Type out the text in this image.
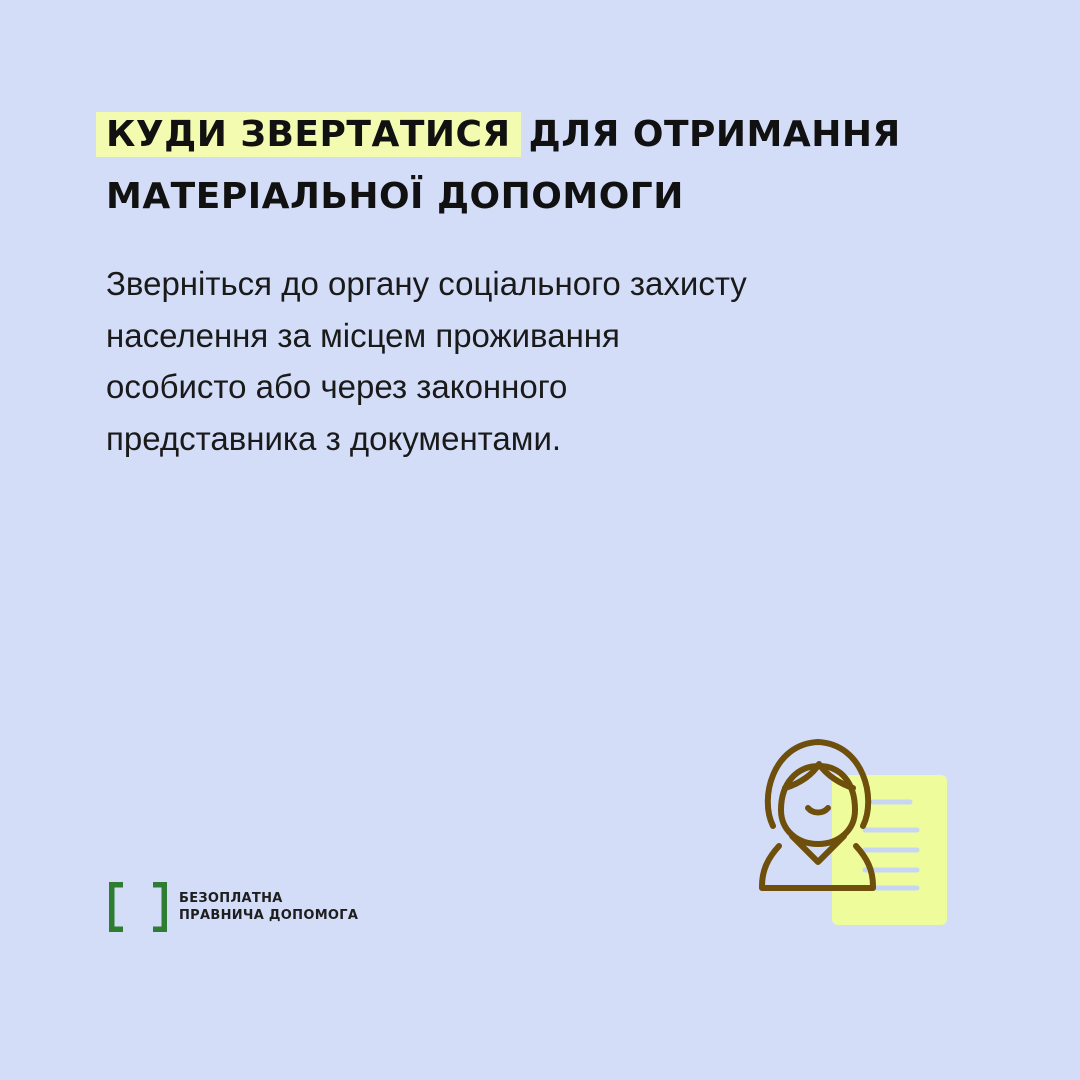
КУДИ ЗВЕРТАТИСЯ ДЛЯ ОТРИМАННЯ
МАТЕРІАЛЬНОЇ ДОПОМОГИ
Зверніться до органу соціального захисту
населення за місцем проживання
особисто або через законного
представника з документами.
БЕЗОПЛАТНА
ПРАВНИЧА ДОПОМОГА
